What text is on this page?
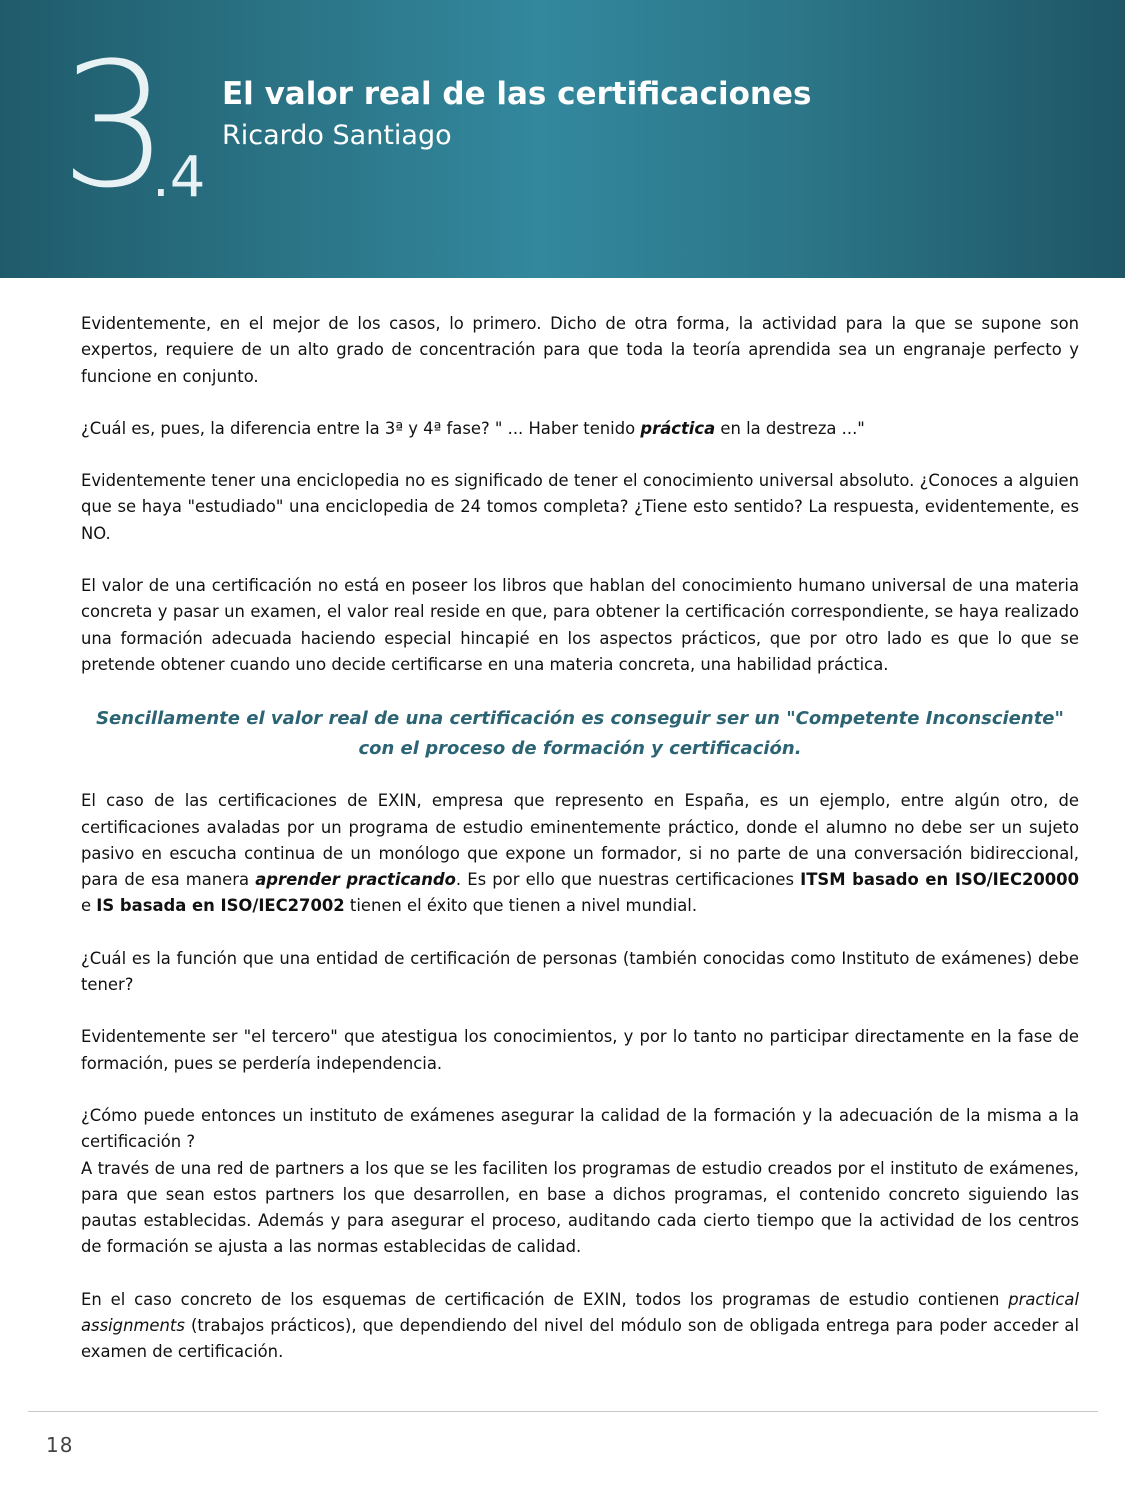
3
.4
El valor real de las certificaciones
Ricardo Santiago

Evidentemente, en el mejor de los casos, lo primero. Dicho de otra forma, la actividad para la que se supone son expertos, requiere de un alto grado de concentración para que toda la teoría aprendida sea un engranaje perfecto y funcione en conjunto.

¿Cuál es, pues, la diferencia entre la 3ª y 4ª fase? " ... Haber tenido práctica en la destreza ..."

Evidentemente tener una enciclopedia no es significado de tener el conocimiento universal absoluto. ¿Conoces a alguien que se haya "estudiado" una enciclopedia de 24 tomos completa? ¿Tiene esto sentido? La respuesta, evidentemente, es NO.

El valor de una certificación no está en poseer los libros que hablan del conocimiento humano universal de una materia concreta y pasar un examen, el valor real reside en que, para obtener la certificación correspondiente, se haya realizado una formación adecuada haciendo especial hincapié en los aspectos prácticos, que por otro lado es que lo que se pretende obtener cuando uno decide certificarse en una materia concreta, una habilidad práctica.

Sencillamente el valor real de una certificación es conseguir ser un "Competente Inconsciente" con el proceso de formación y certificación.

El caso de las certificaciones de EXIN, empresa que represento en España, es un ejemplo, entre algún otro, de certificaciones avaladas por un programa de estudio eminentemente práctico, donde el alumno no debe ser un sujeto pasivo en escucha continua de un monólogo que expone un formador, si no parte de una conversación bidireccional, para de esa manera aprender practicando. Es por ello que nuestras certificaciones ITSM basado en ISO/IEC20000 e IS basada en ISO/IEC27002 tienen el éxito que tienen a nivel mundial.

¿Cuál es la función que una entidad de certificación de personas (también conocidas como Instituto de exámenes) debe tener?

Evidentemente ser "el tercero" que atestigua los conocimientos, y por lo tanto no participar directamente en la fase de formación, pues se perdería independencia.

¿Cómo puede entonces un instituto de exámenes asegurar la calidad de la formación y la adecuación de la misma a la certificación ?

A través de una red de partners a los que se les faciliten los programas de estudio creados por el instituto de exámenes, para que sean estos partners los que desarrollen, en base a dichos programas, el contenido concreto siguiendo las pautas establecidas. Además y para asegurar el proceso, auditando cada cierto tiempo que la actividad de los centros de formación se ajusta a las normas establecidas de calidad.

En el caso concreto de los esquemas de certificación de EXIN, todos los programas de estudio contienen practical assignments (trabajos prácticos), que dependiendo del nivel del módulo son de obligada entrega para poder acceder al examen de certificación.

18
